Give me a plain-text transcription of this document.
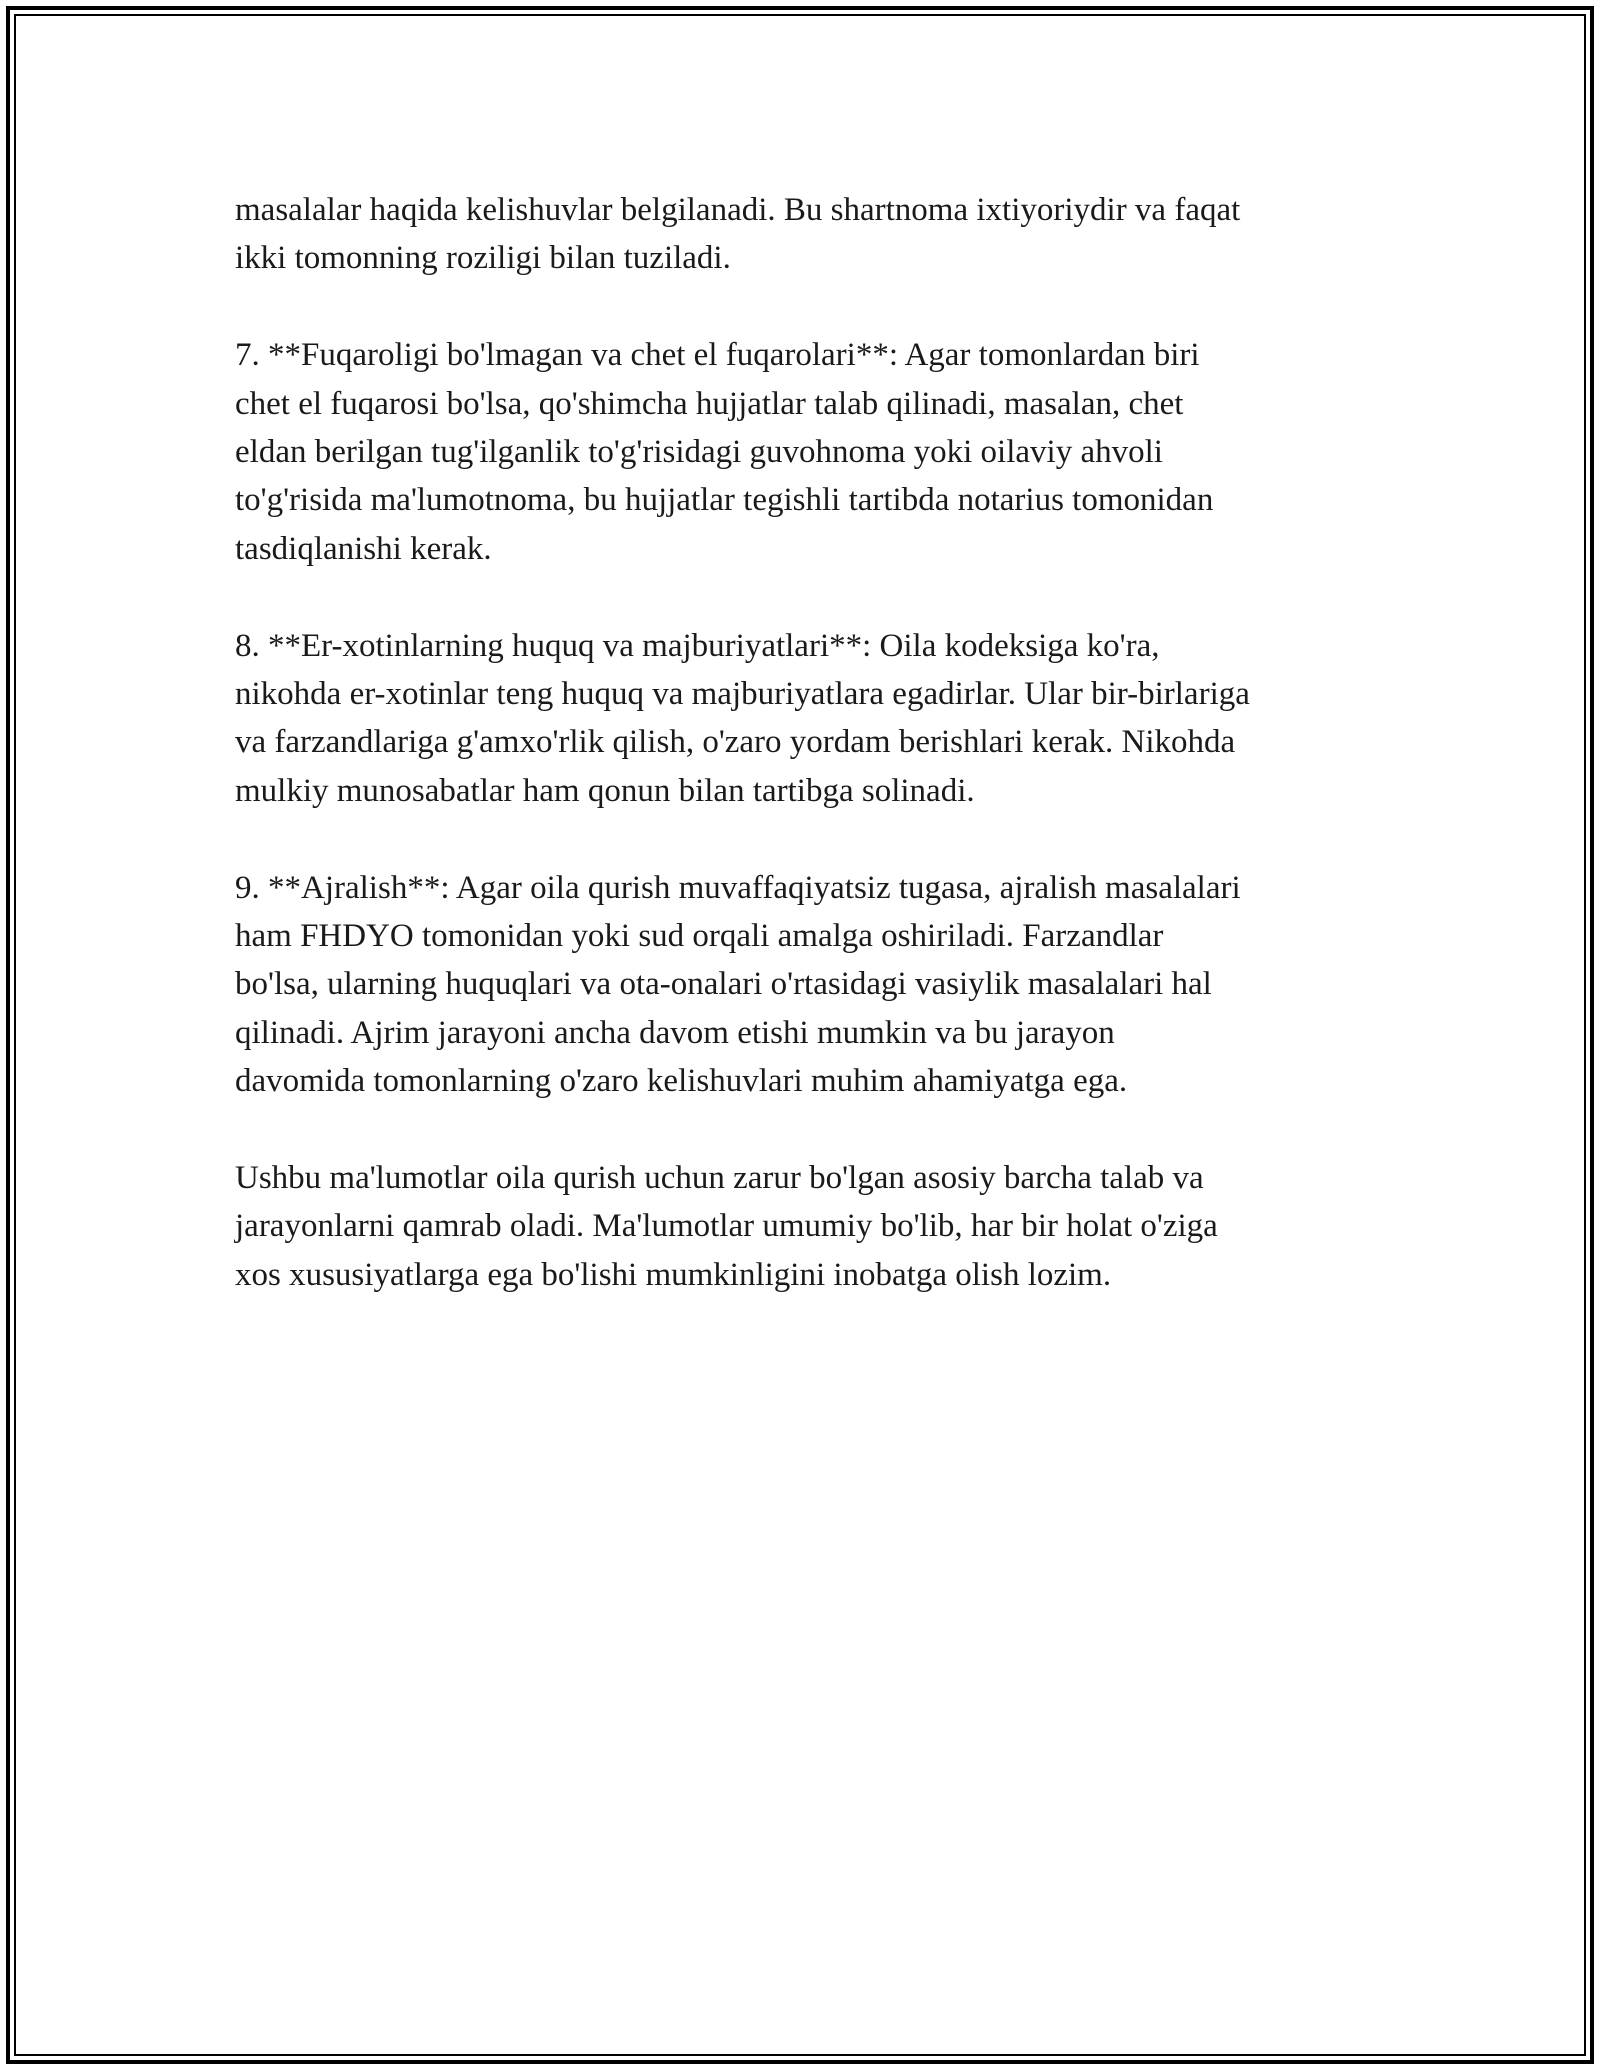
masalalar haqida kelishuvlar belgilanadi. Bu shartnoma ixtiyoriydir va faqat
ikki tomonning roziligi bilan tuziladi.

7. **Fuqaroligi bo'lmagan va chet el fuqarolari**: Agar tomonlardan biri
chet el fuqarosi bo'lsa, qo'shimcha hujjatlar talab qilinadi, masalan, chet
eldan berilgan tug'ilganlik to'g'risidagi guvohnoma yoki oilaviy ahvoli
to'g'risida ma'lumotnoma, bu hujjatlar tegishli tartibda notarius tomonidan
tasdiqlanishi kerak.

8. **Er-xotinlarning huquq va majburiyatlari**: Oila kodeksiga ko'ra,
nikohda er-xotinlar teng huquq va majburiyatlara egadirlar. Ular bir-birlariga
va farzandlariga g'amxo'rlik qilish, o'zaro yordam berishlari kerak. Nikohda
mulkiy munosabatlar ham qonun bilan tartibga solinadi.

9. **Ajralish**: Agar oila qurish muvaffaqiyatsiz tugasa, ajralish masalalari
ham FHDYO tomonidan yoki sud orqali amalga oshiriladi. Farzandlar
bo'lsa, ularning huquqlari va ota-onalari o'rtasidagi vasiylik masalalari hal
qilinadi. Ajrim jarayoni ancha davom etishi mumkin va bu jarayon
davomida tomonlarning o'zaro kelishuvlari muhim ahamiyatga ega.

Ushbu ma'lumotlar oila qurish uchun zarur bo'lgan asosiy barcha talab va
jarayonlarni qamrab oladi. Ma'lumotlar umumiy bo'lib, har bir holat o'ziga
xos xususiyatlarga ega bo'lishi mumkinligini inobatga olish lozim.
